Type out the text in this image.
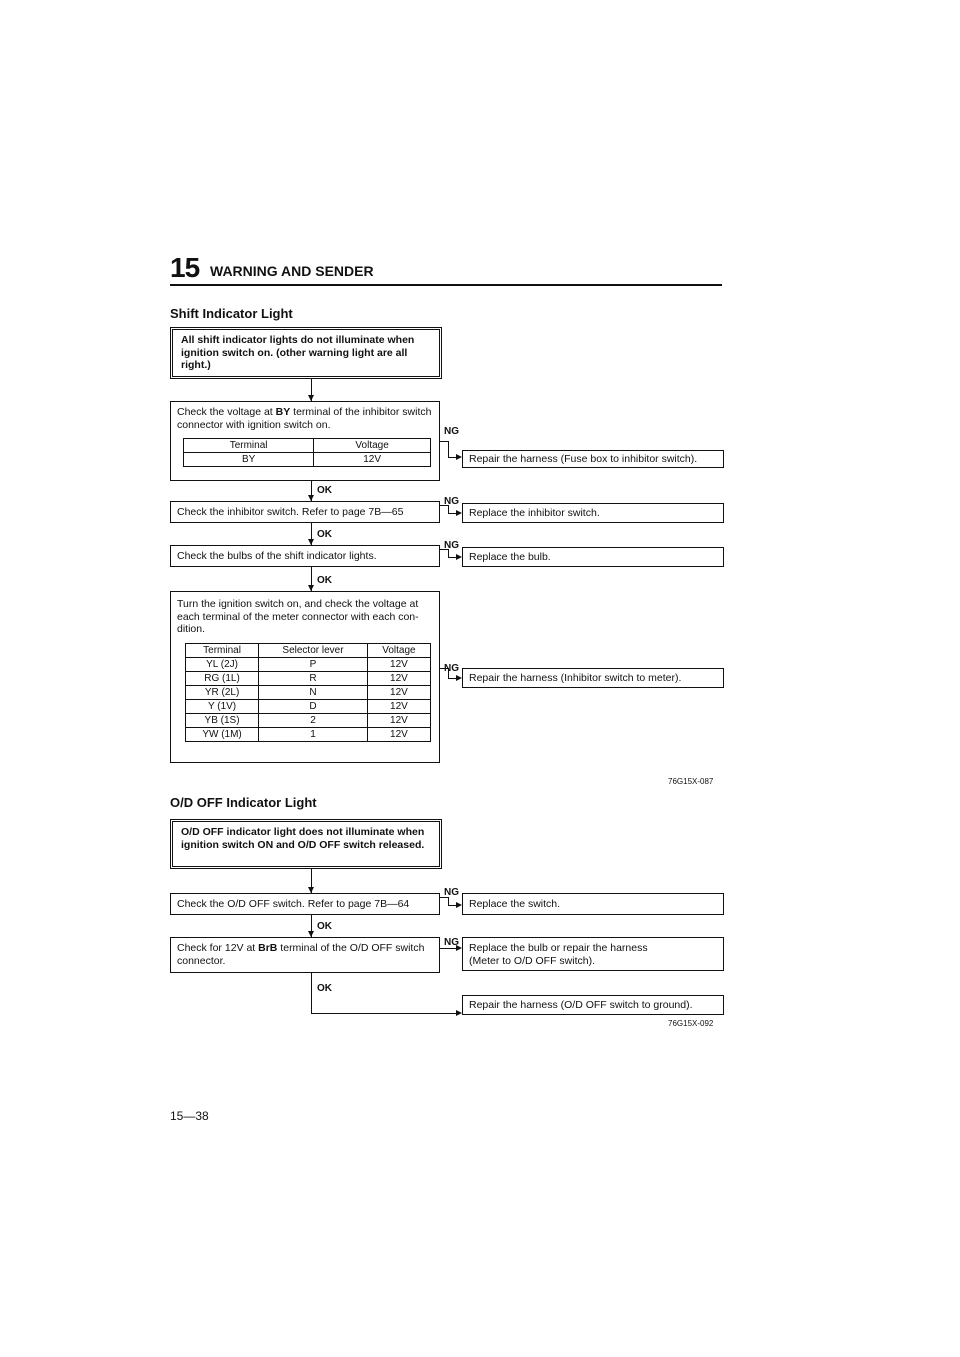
15 WARNING AND SENDER
Shift Indicator Light
All shift indicator lights do not illuminate when ignition switch on. (other warning light are all right.)
Check the voltage at BY terminal of the inhibitor switch connector with ignition switch on.
Terminal	Voltage
BY	12V
NG
Repair the harness (Fuse box to inhibitor switch).
OK
Check the inhibitor switch. Refer to page 7B—65
NG
Replace the inhibitor switch.
OK
Check the bulbs of the shift indicator lights.
NG
Replace the bulb.
OK
Turn the ignition switch on, and check the voltage at each terminal of the meter connector with each con- dition.
Terminal	Selector lever	Voltage
YL (2J)	P	12V
RG (1L)	R	12V
YR (2L)	N	12V
Y (1V)	D	12V
YB (1S)	2	12V
YW (1M)	1	12V
NG
Repair the harness (Inhibitor switch to meter).
76G15X-087
O/D OFF Indicator Light
O/D OFF indicator light does not illuminate when ignition switch ON and O/D OFF switch released.
Check the O/D OFF switch. Refer to page 7B—64
NG
Replace the switch.
OK
Check for 12V at BrB terminal of the O/D OFF switch connector.
NG Replace the bulb or repair the harness (Meter to O/D OFF switch).
OK
Repair the harness (O/D OFF switch to ground).
76G15X-092
15—38
